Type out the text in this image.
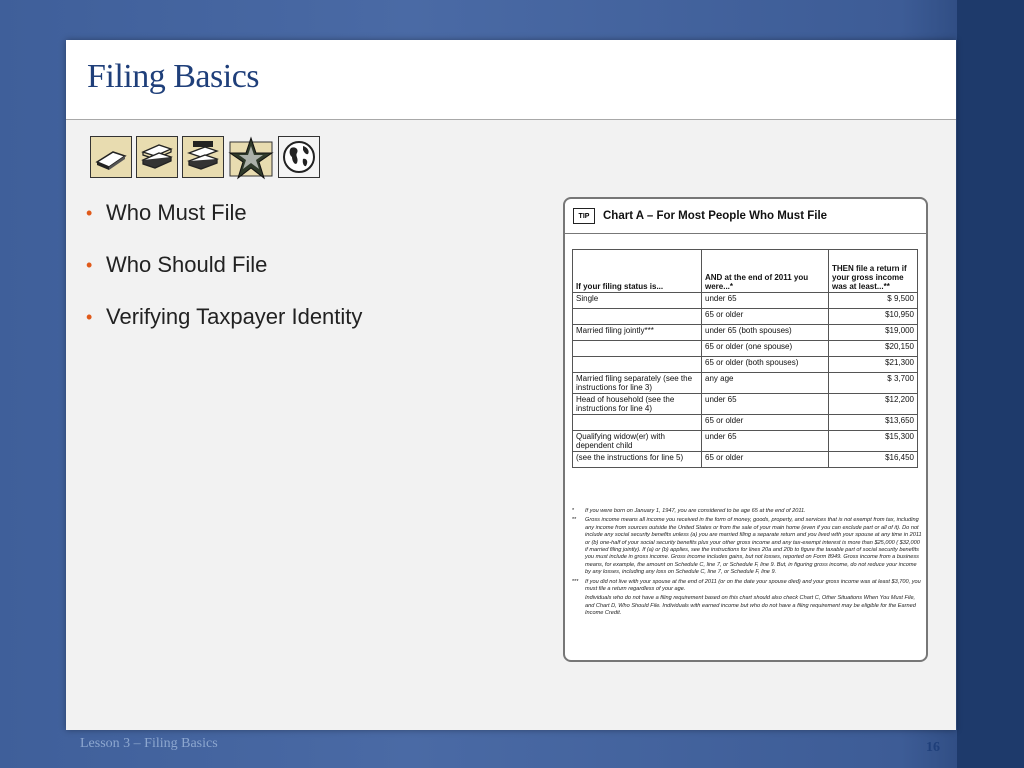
Filing Basics
• Who Must File
• Who Should File
• Verifying Taxpayer Identity
TIP	Chart A – For Most People Who Must File
If your filing status is...	AND at the end of 2011 you were...*	THEN file a return if your gross income was at least...**
Single	under 65	$ 9,500
	65 or older	$10,950
Married filing jointly***	under 65 (both spouses)	$19,000
	65 or older (one spouse)	$20,150
	65 or older (both spouses)	$21,300
Married filing separately (see the instructions for line 3)	any age	$ 3,700
Head of household (see the instructions for line 4)	under 65	$12,200
	65 or older	$13,650
Qualifying widow(er) with dependent child	under 65	$15,300
(see the instructions for line 5)	65 or older	$16,450

*	If you were born on January 1, 1947, you are considered to be age 65 at the end of 2011.

**	Gross income means all income you received in the form of money, goods, property, and services that is not exempt from tax, including any income from sources outside the United States or from the sale of your main home (even if you can exclude part or all of it). Do not include any social security benefits unless (a) you are married filing a separate return and you lived with your spouse at any time in 2011 or (b) one-half of your social security benefits plus your other gross income and any tax-exempt interest is more than $25,000 ( $32,000 if married filing jointly). If (a) or (b) applies, see the instructions for lines 20a and 20b to figure the taxable part of social security benefits you must include in gross income. Gross income includes gains, but not losses, reported on Form 8949. Gross income from a business means, for example, the amount on Schedule C, line 7, or Schedule F, line 9. But, in figuring gross income, do not reduce your income by any losses, including any loss on Schedule C, line 7, or Schedule F, line 9.

***	If you did not live with your spouse at the end of 2011 (or on the date your spouse died) and your gross income was at least $3,700, you must file a return regardless of your age.

Individuals who do not have a filing requirement based on this chart should also check Chart C, Other Situations When You Must File, and Chart D, Who Should File. Individuals with earned income but who do not have a filing requirement may be eligible for the Earned Income Credit.

Lesson 3 – Filing Basics	16
